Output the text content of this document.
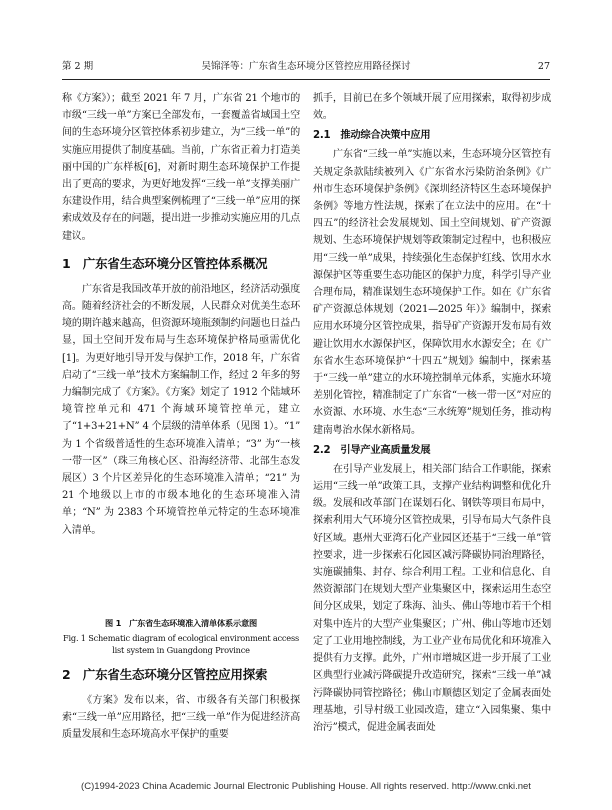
第 2 期	吴锦泽等：广东省生态环境分区管控应用路径探讨	27

称《方案》）；截至 2021 年 7 月，广东省 21 个地市的市级“三线一单”方案已全部发布，一套覆盖省域国土空间的生态环境分区管控体系初步建立，为“三线一单”的实施应用提供了制度基础。当前，广东省正着力打造美丽中国的广东样板[6]，对新时期生态环境保护工作提出了更高的要求，为更好地发挥“三线一单”支撑美丽广东建设作用，结合典型案例梳理了“三线一单”应用的探索成效及存在的问题，提出进一步推动实施应用的几点建议。

1　广东省生态环境分区管控体系概况

广东省是我国改革开放的前沿地区，经济活动强度高。随着经济社会的不断发展，人民群众对优美生态环境的期许越来越高，但资源环境瓶颈制约问题也日益凸显，国土空间开发布局与生态环境保护格局亟需优化[1]。为更好地引导开发与保护工作，2018 年，广东省启动了“三线一单”技术方案编制工作，经过 2 年多的努力编制完成了《方案》。《方案》划定了 1912 个陆域环境管控单元和 471 个海域环境管控单元，建立了“1+3+21+N” 4 个层级的清单体系（见图 1）。“1” 为 1 个省级普适性的生态环境准入清单；“3” 为“一核一带一区”（珠三角核心区、沿海经济带、北部生态发展区）3 个片区差异化的生态环境准入清单；“21” 为 21 个地级以上市的市级本地化的生态环境准入清单；“N” 为 2383 个环境管控单元特定的生态环境准入清单。

图 1　广东省生态环境准入清单体系示意图
Fig. 1 Schematic diagram of ecological environment access
list system in Guangdong Province
2　广东省生态环境分区管控应用探索

《方案》发布以来，省、市级各有关部门积极探索“三线一单”应用路径，把“三线一单”作为促进经济高质量发展和生态环境高水平保护的重要

抓手，目前已在多个领域开展了应用探索，取得初步成效。

2.1　推动综合决策中应用

广东省“三线一单”实施以来，生态环境分区管控有关规定条款陆续被列入《广东省水污染防治条例》《广州市生态环境保护条例》《深圳经济特区生态环境保护条例》等地方性法规，探索了在立法中的应用。在“十四五”的经济社会发展规划、国土空间规划、矿产资源规划、生态环境保护规划等政策制定过程中，也积极应用“三线一单”成果，持续强化生态保护红线、饮用水水源保护区等重要生态功能区的保护力度，科学引导产业合理布局，精准谋划生态环境保护工作。如在《广东省矿产资源总体规划（2021—2025 年）》编制中，探索应用水环境分区管控成果，指导矿产资源开发布局有效避让饮用水水源保护区，保障饮用水水源安全；在《广东省水生态环境保护“十四五”规划》编制中，探索基于“三线一单”建立的水环境控制单元体系，实施水环境差别化管控，精准制定了广东省“一核一带一区”对应的水资源、水环境、水生态“三水统筹”规划任务，推动构建南粤治水保水新格局。

2.2　引导产业高质量发展

在引导产业发展上，相关部门结合工作职能，探索运用“三线一单”政策工具，支撑产业结构调整和优化升级。发展和改革部门在谋划石化、钢铁等项目布局中，探索利用大气环境分区管控成果，引导布局大气条件良好区域。惠州大亚湾石化产业园区还基于“三线一单”管控要求，进一步探索石化园区减污降碳协同治理路径，实施碳捕集、封存、综合利用工程。工业和信息化、自然资源部门在规划大型产业集聚区中，探索运用生态空间分区成果，划定了珠海、汕头、佛山等地市若干个相对集中连片的大型产业集聚区；广州、佛山等地市还划定了工业用地控制线，为工业产业布局优化和环境准入提供有力支撑。此外，广州市增城区进一步开展了工业区典型行业减污降碳提升改造研究，探索“三线一单”减污降碳协同管控路径；佛山市顺德区划定了金属表面处理基地，引导村级工业园改造，建立“入园集聚、集中治污”模式，促进金属表面处

(C)1994-2023 China Academic Journal Electronic Publishing House. All rights reserved. http://www.cnki.net
